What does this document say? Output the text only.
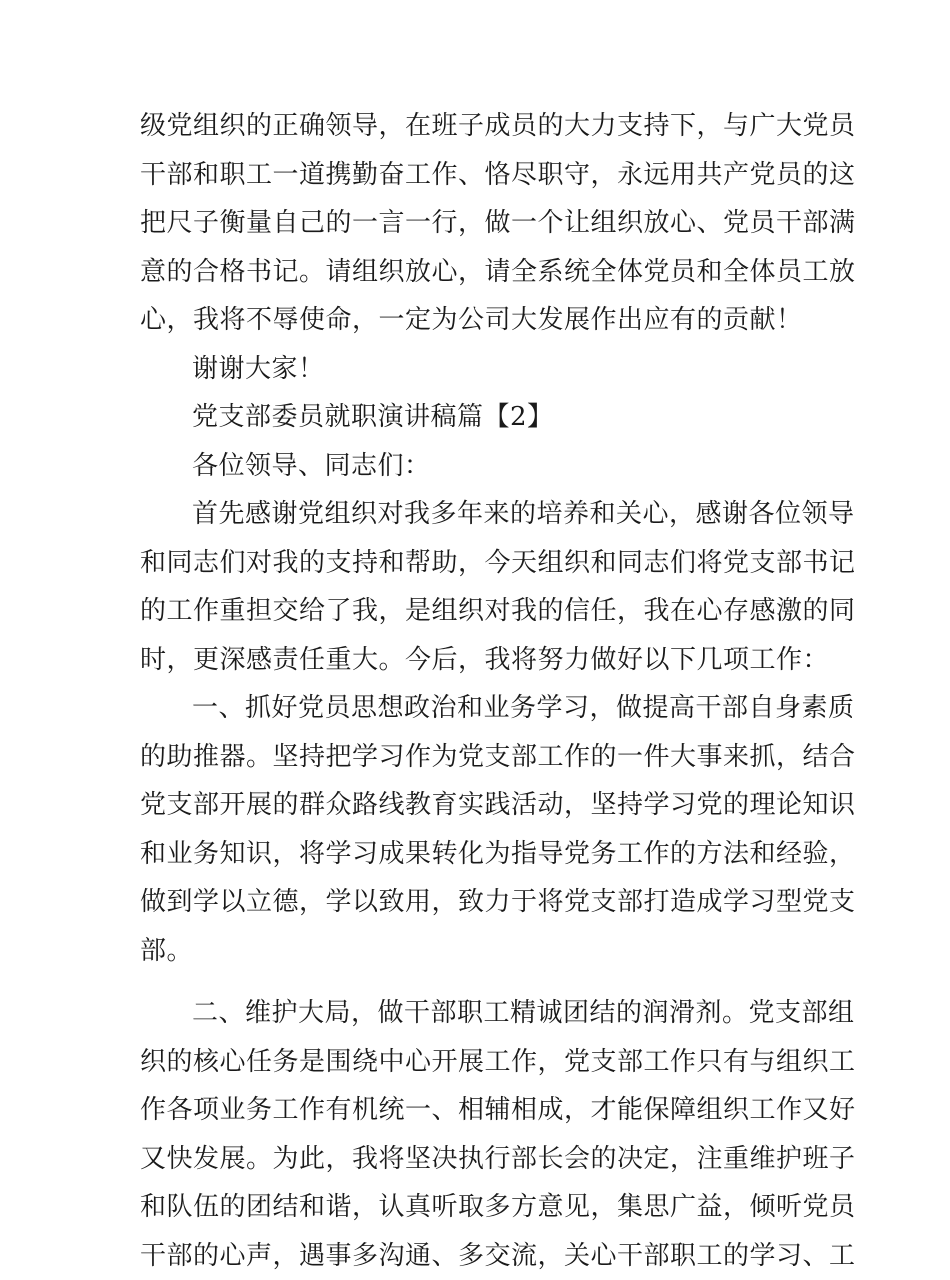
级党组织的正确领导，在班子成员的大力支持下，与广大党员
干部和职工一道携勤奋工作、恪尽职守，永远用共产党员的这
把尺子衡量自己的一言一行，做一个让组织放心、党员干部满
意的合格书记。请组织放心，请全系统全体党员和全体员工放
心，我将不辱使命，一定为公司大发展作出应有的贡献！
谢谢大家！
党支部委员就职演讲稿篇【2】
各位领导、同志们：
首先感谢党组织对我多年来的培养和关心，感谢各位领导
和同志们对我的支持和帮助，今天组织和同志们将党支部书记
的工作重担交给了我，是组织对我的信任，我在心存感激的同
时，更深感责任重大。今后，我将努力做好以下几项工作：
一、抓好党员思想政治和业务学习，做提高干部自身素质
的助推器。坚持把学习作为党支部工作的一件大事来抓，结合
党支部开展的群众路线教育实践活动，坚持学习党的理论知识
和业务知识，将学习成果转化为指导党务工作的方法和经验，
做到学以立德，学以致用，致力于将党支部打造成学习型党支
部。
二、维护大局，做干部职工精诚团结的润滑剂。党支部组
织的核心任务是围绕中心开展工作，党支部工作只有与组织工
作各项业务工作有机统一、相辅相成，才能保障组织工作又好
又快发展。为此，我将坚决执行部长会的决定，注重维护班子
和队伍的团结和谐，认真听取多方意见，集思广益，倾听党员
干部的心声，遇事多沟通、多交流，关心干部职工的学习、工
